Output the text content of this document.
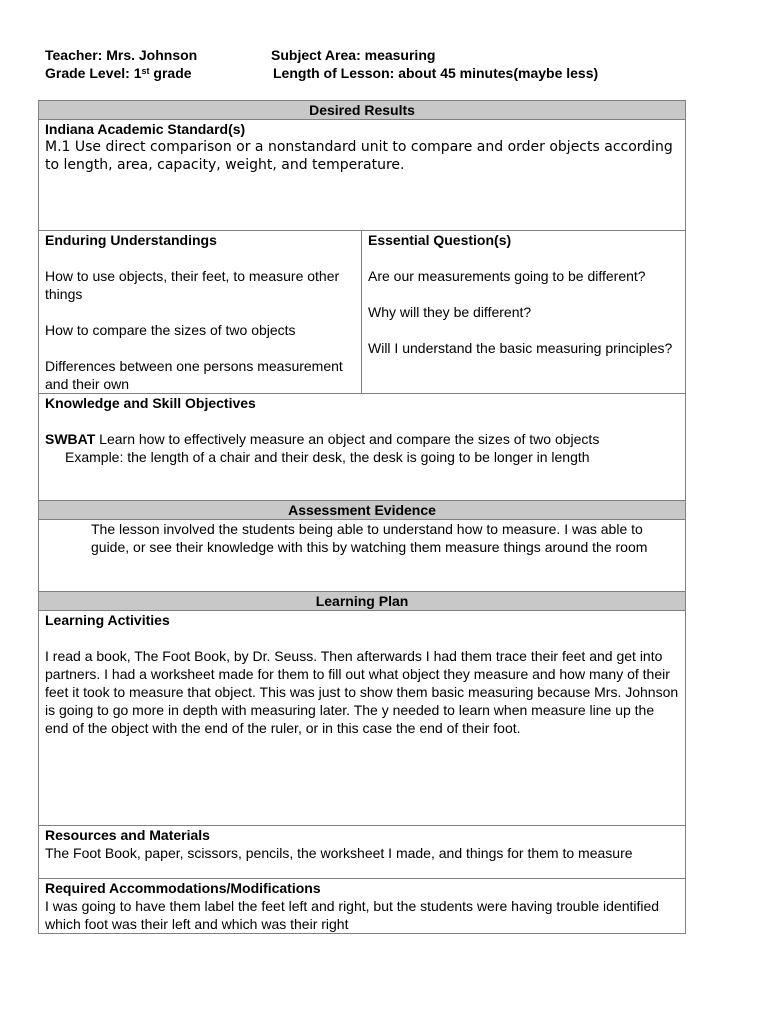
Teacher: Mrs. Johnson
Grade Level: 1st grade
Subject Area: measuring
Length of Lesson: about 45 minutes(maybe less)
Desired Results

Indiana Academic Standard(s)
M.1 Use direct comparison or a nonstandard unit to compare and order objects according to length, area, capacity, weight, and temperature.

Enduring Understandings
How to use objects, their feet, to measure other things
How to compare the sizes of two objects
Differences between one persons measurement and their own

Essential Question(s)
Are our measurements going to be different?
Why will they be different?
Will I understand the basic measuring principles?

Knowledge and Skill Objectives
SWBAT Learn how to effectively measure an object and compare the sizes of two objects
Example: the length of a chair and their desk, the desk is going to be longer in length

Assessment Evidence

The lesson involved the students being able to understand how to measure. I was able to guide, or see their knowledge with this by watching them measure things around the room

Learning Plan

Learning Activities
I read a book, The Foot Book, by Dr. Seuss. Then afterwards I had them trace their feet and get into partners. I had a worksheet made for them to fill out what object they measure and how many of their feet it took to measure that object. This was just to show them basic measuring because Mrs. Johnson is going to go more in depth with measuring later. The y needed to learn when measure line up the end of the object with the end of the ruler, or in this case the end of their foot.

Resources and Materials
The Foot Book, paper, scissors, pencils, the worksheet I made, and things for them to measure

Required Accommodations/Modifications
I was going to have them label the feet left and right, but the students were having trouble identified which foot was their left and which was their right
